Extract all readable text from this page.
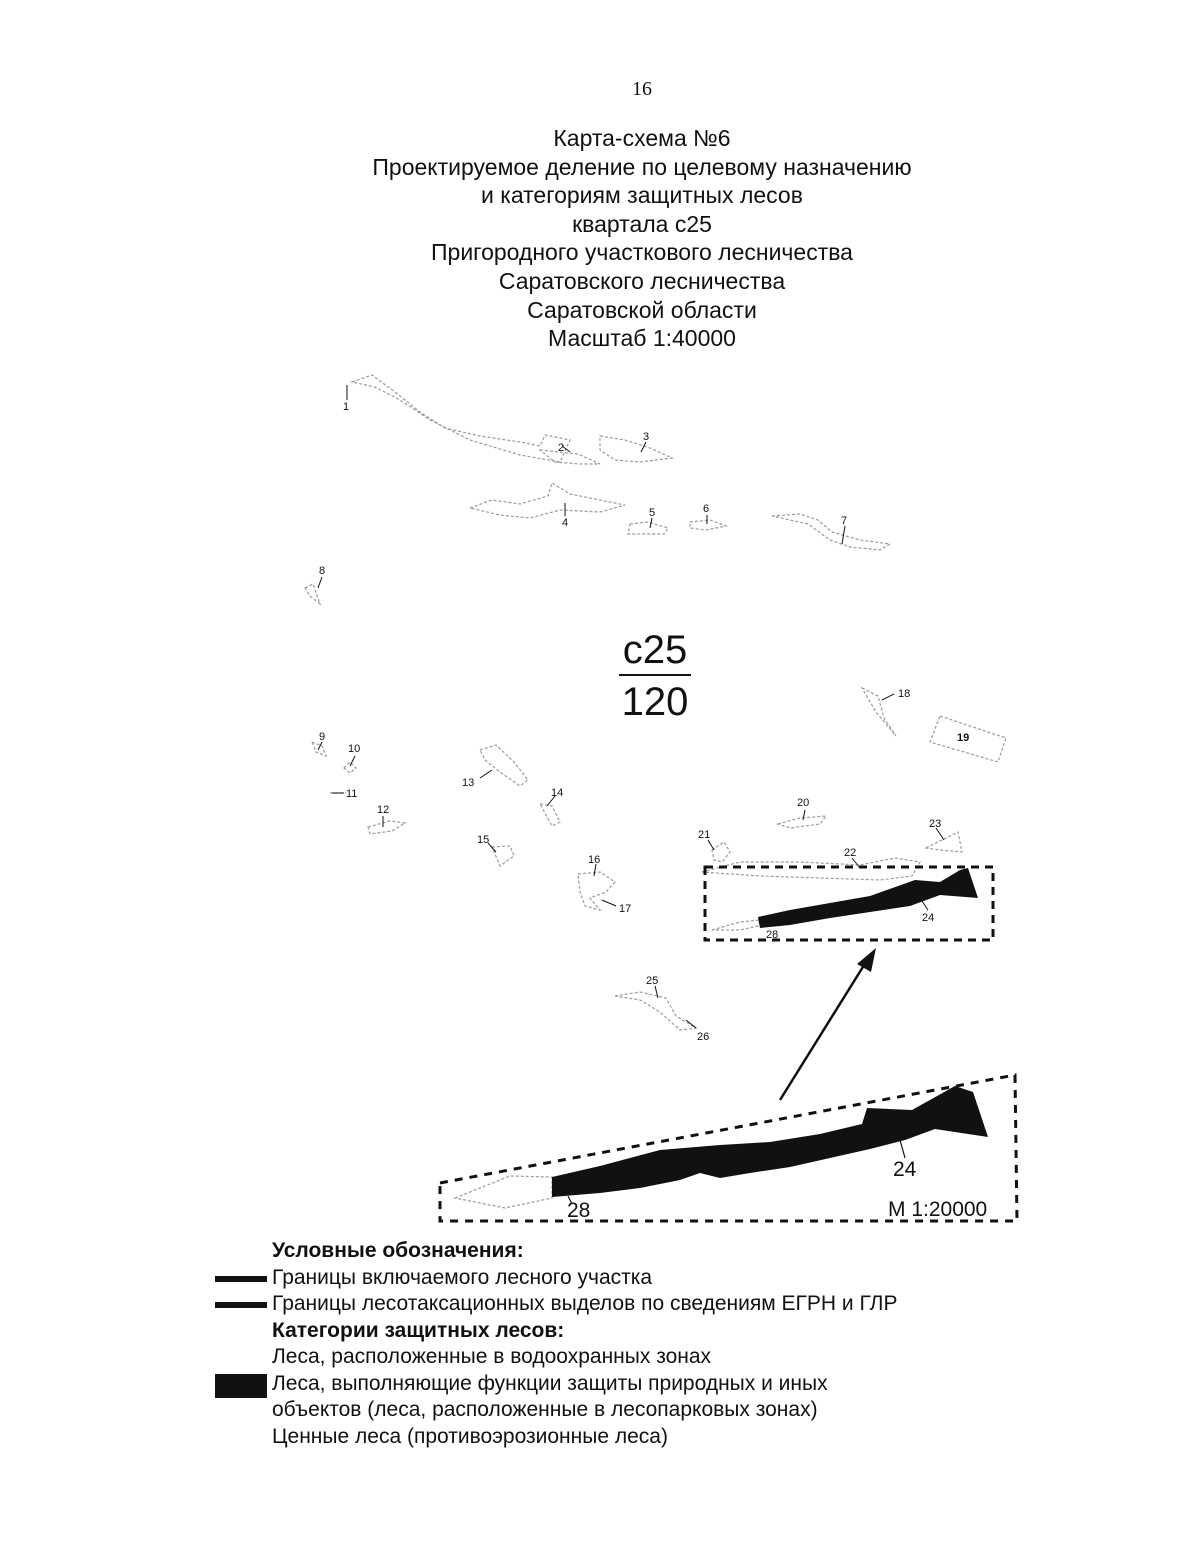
16
Карта-схема №6
Проектируемое деление по целевому назначению
и категориям защитных лесов
квартала с25
Пригородного участкового лесничества
Саратовского лесничества
Саратовской области
Масштаб 1:40000
с25
120
1
2
3
4
5	6
7
8
9
10
11
12
13
14
15
16
17
18
19
20
21
22
23
24
25
26
28
28
24
М 1:20000
Условные обозначения:
Границы включаемого лесного участка
Границы лесотаксационных выделов по сведениям ЕГРН и ГЛР
Категории защитных лесов:
Леса, расположенные в водоохранных зонах
Леса, выполняющие функции защиты природных и иных
объектов (леса, расположенные в лесопарковых зонах)
Ценные леса (противоэрозионные леса)
